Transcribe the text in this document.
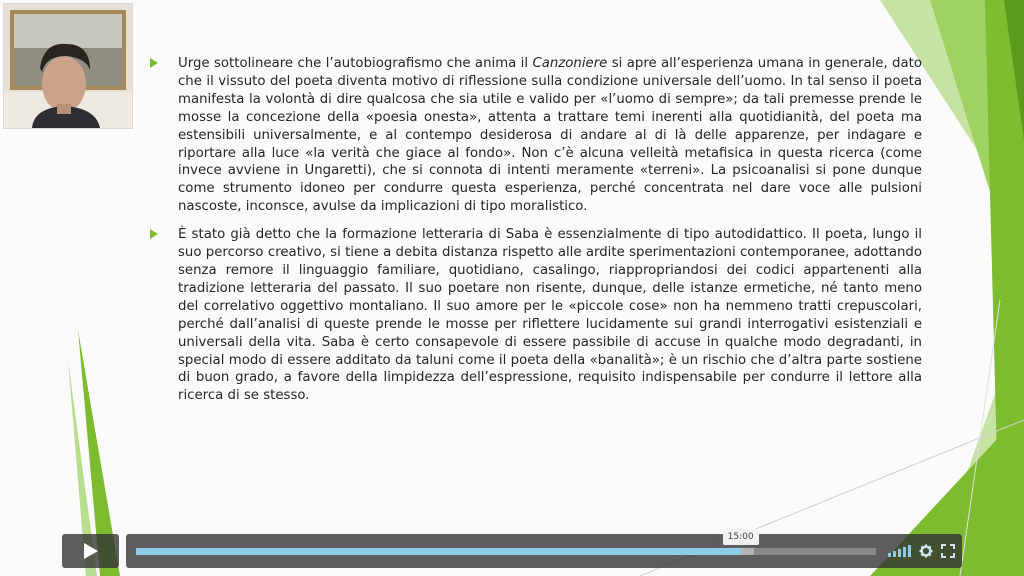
Urge sottolineare che l’autobiografismo che anima il Canzoniere si apre all’esperienza umana in generale, dato che il vissuto del poeta diventa motivo di riflessione sulla condizione universale dell’uomo. In tal senso il poeta manifesta la volontà di dire qualcosa che sia utile e valido per «l’uomo di sempre»; da tali premesse prende le mosse la concezione della «poesia onesta», attenta a trattare temi inerenti alla quotidianità, del poeta ma estensibili universalmente, e al contempo desiderosa di andare al di là delle apparenze, per indagare e riportare alla luce «la verità che giace al fondo». Non c’è alcuna velleità metafisica in questa ricerca (come invece avviene in Ungaretti), che si connota di intenti meramente «terreni». La psicoanalisi si pone dunque come strumento idoneo per condurre questa esperienza, perché concentrata nel dare voce alle pulsioni nascoste, inconsce, avulse da implicazioni di tipo moralistico.
È stato già detto che la formazione letteraria di Saba è essenzialmente di tipo autodidattico. Il poeta, lungo il suo percorso creativo, si tiene a debita distanza rispetto alle ardite sperimentazioni contemporanee, adottando senza remore il linguaggio familiare, quotidiano, casalingo, riappropriandosi dei codici appartenenti alla tradizione letteraria del passato. Il suo poetare non risente, dunque, delle istanze ermetiche, né tanto meno del correlativo oggettivo montaliano. Il suo amore per le «piccole cose» non ha nemmeno tratti crepuscolari, perché dall’analisi di queste prende le mosse per riflettere lucidamente sui grandi interrogativi esistenziali e universali della vita. Saba è certo consapevole di essere passibile di accuse in qualche modo degradanti, in special modo di essere additato da taluni come il poeta della «banalità»; è un rischio che d’altra parte sostiene di buon grado, a favore della limpidezza dell’espressione, requisito indispensabile per condurre il lettore alla ricerca di se stesso.
15:00
